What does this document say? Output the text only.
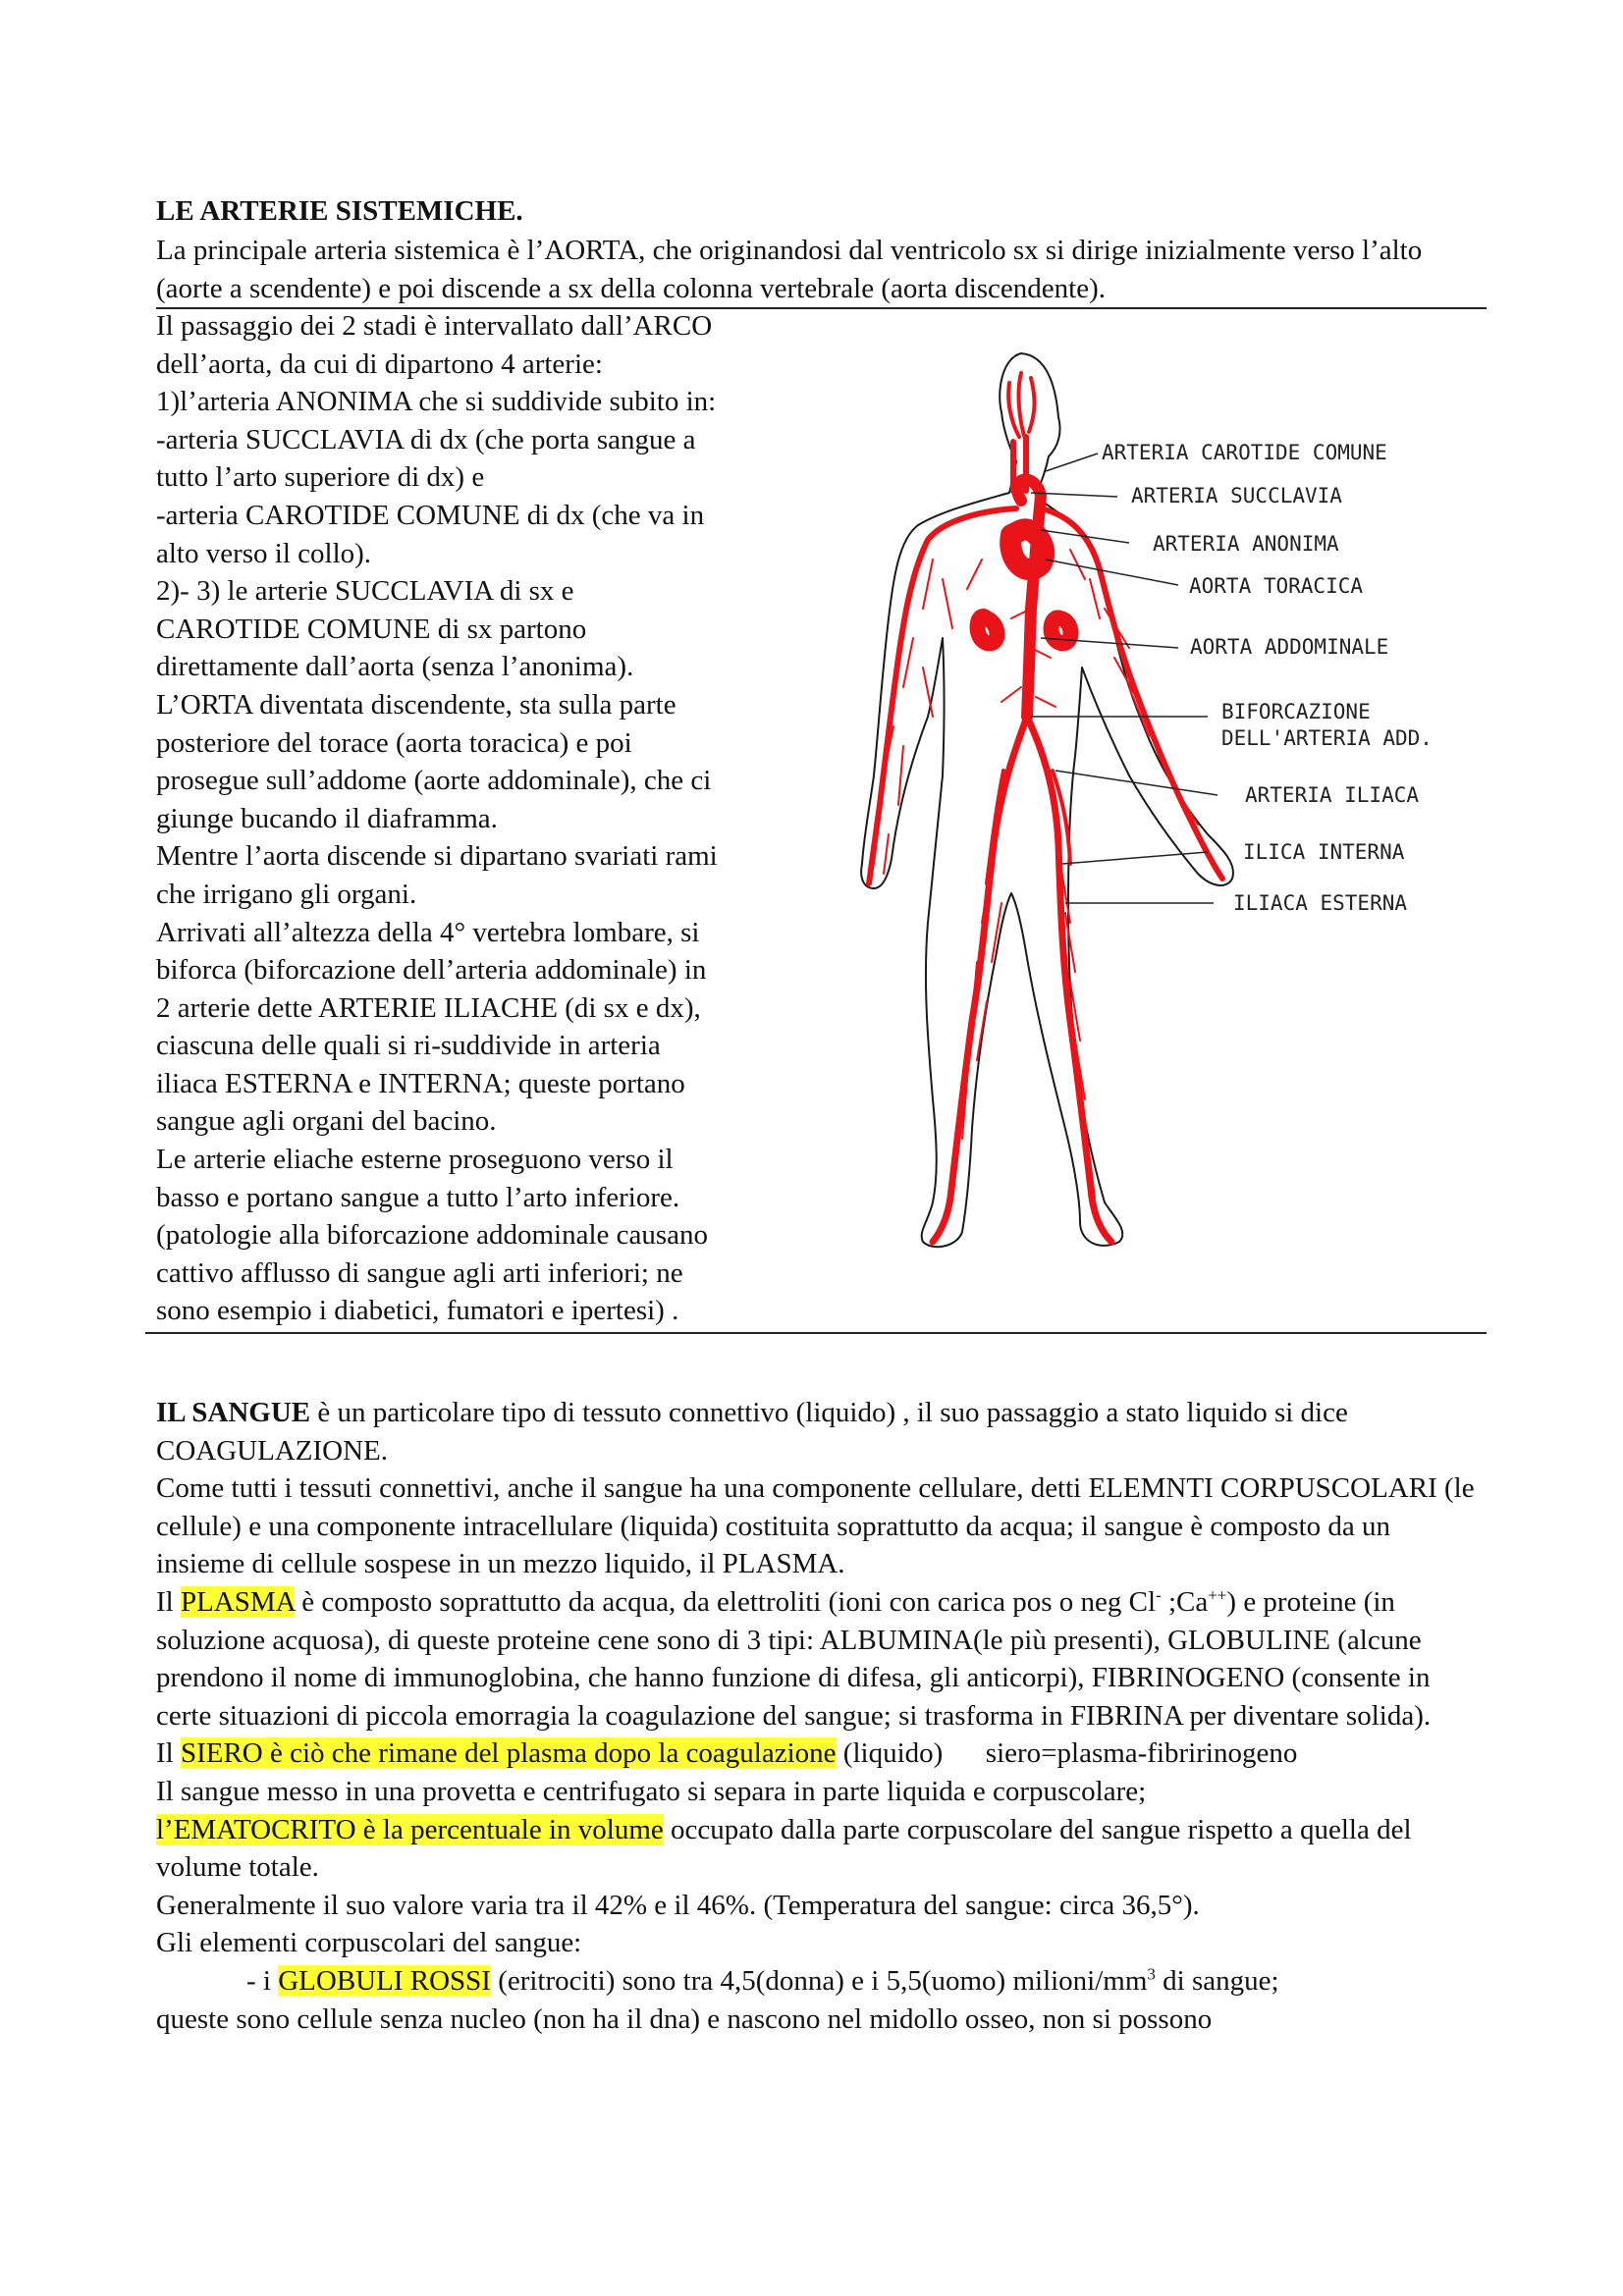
LE ARTERIE SISTEMICHE.
La principale arteria sistemica è l’AORTA, che originandosi dal ventricolo sx si dirige inizialmente verso l’alto (aorte a scendente) e poi discende a sx della colonna vertebrale (aorta discendente).
Il passaggio dei 2 stadi è intervallato dall’ARCO
dell’aorta, da cui di dipartono 4 arterie:
1)l’arteria ANONIMA che si suddivide subito in:
-arteria SUCCLAVIA di dx (che porta sangue a
tutto l’arto superiore di dx) e
-arteria CAROTIDE COMUNE di dx (che va in
alto verso il collo).
2)- 3) le arterie SUCCLAVIA di sx e
CAROTIDE COMUNE di sx partono
direttamente dall’aorta (senza l’anonima).
L’ORTA diventata discendente, sta sulla parte
posteriore del torace (aorta toracica) e poi
prosegue sull’addome (aorte addominale), che ci
giunge bucando il diaframma.
Mentre l’aorta discende si dipartano svariati rami
che irrigano gli organi.
Arrivati all’altezza della 4° vertebra lombare, si
biforca (biforcazione dell’arteria addominale) in
2 arterie dette ARTERIE ILIACHE (di sx e dx),
ciascuna delle quali si ri-suddivide in arteria
iliaca ESTERNA e INTERNA; queste portano
sangue agli organi del bacino.
Le arterie eliache esterne proseguono verso il
basso e portano sangue a tutto l’arto inferiore.
(patologie alla biforcazione addominale causano
cattivo afflusso di sangue agli arti inferiori; ne
sono esempio i diabetici, fumatori e ipertesi) .
ARTERIA CAROTIDE COMUNE
ARTERIA SUCCLAVIA
ARTERIA ANONIMA
AORTA TORACICA
AORTA ADDOMINALE
BIFORCAZIONE
DELL'ARTERIA ADD.
ARTERIA ILIACA
ILICA INTERNA
ILIACA ESTERNA

IL SANGUE è un particolare tipo di tessuto connettivo (liquido) , il suo passaggio a stato liquido si dice COAGULAZIONE.

Come tutti i tessuti connettivi, anche il sangue ha una componente cellulare, detti ELEMNTI CORPUSCOLARI (le cellule) e una componente intracellulare (liquida) costituita soprattutto da acqua; il sangue è composto da un insieme di cellule sospese in un mezzo liquido, il PLASMA.

Il PLASMA è composto soprattutto da acqua, da elettroliti (ioni con carica pos o neg Cl- ;Ca++) e proteine (in soluzione acquosa), di queste proteine cene sono di 3 tipi: ALBUMINA(le più presenti), GLOBULINE (alcune prendono il nome di immunoglobina, che hanno funzione di difesa, gli anticorpi), FIBRINOGENO (consente in certe situazioni di piccola emorragia la coagulazione del sangue; si trasforma in FIBRINA per diventare solida).

Il SIERO è ciò che rimane del plasma dopo la coagulazione (liquido)      siero=plasma-fibririnogeno

Il sangue messo in una provetta e centrifugato si separa in parte liquida e corpuscolare;

l’EMATOCRITO è la percentuale in volume occupato dalla parte corpuscolare del sangue rispetto a quella del volume totale.

Generalmente il suo valore varia tra il 42% e il 46%. (Temperatura del sangue: circa 36,5°).

Gli elementi corpuscolari del sangue:

- i GLOBULI ROSSI (eritrociti) sono tra 4,5(donna) e i 5,5(uomo) milioni/$mm^3$ di sangue;

queste sono cellule senza nucleo (non ha il dna) e nascono nel midollo osseo, non si possono
